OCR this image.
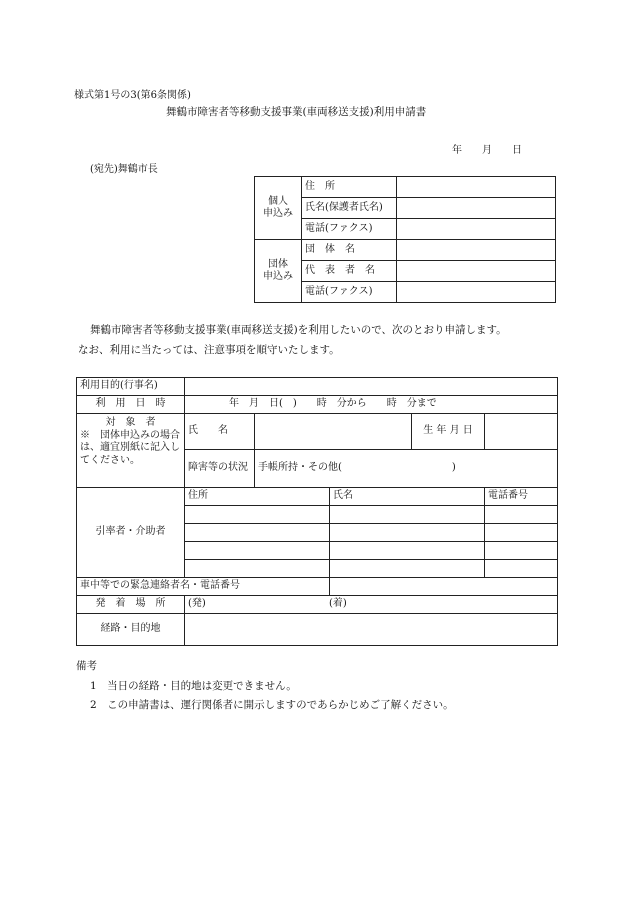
様式第1号の3(第6条関係)
舞鶴市障害者等移動支援事業(車両移送支援)利用申請書
年　　月　　日
(宛先)舞鶴市長
個人
申込み	住　所	
	氏名(保護者氏名)	
	電話(ファクス)	
団体
申込み	団　体　名	
	代　表　者　名	
	電話(ファクス)	
舞鶴市障害者等移動支援事業(車両移送支援)を利用したいので、次のとおり申請します。
なお、利用に当たっては、注意事項を順守いたします。
利用目的(行事名)					
利　用　日　時	年　月　日(　)　　時　分から　　時　分まで				

対　象　者
※　団体申込みの場合は、適宜別紙に記入してください。	氏　　名			生 年 月 日	
	障害等の状況	手帳所持・その他(　　　　　　　　　　　)			
引率者・介助者	住所		氏名		電話番号

車中等での緊急連絡者名・電話番号					
発　着　場　所	(発) (着)				
経路・目的地					
備考
1　当日の経路・目的地は変更できません。
2　この申請書は、運行関係者に開示しますのであらかじめご了解ください。
